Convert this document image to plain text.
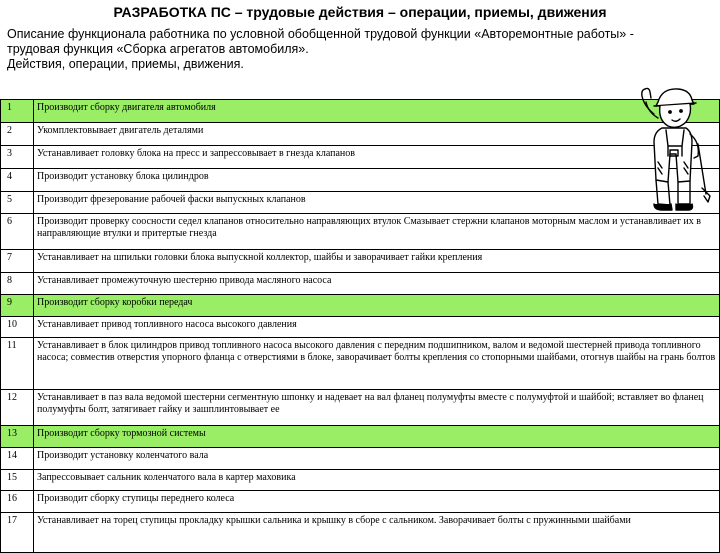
РАЗРАБОТКА ПС – трудовые действия – операции, приемы, движения
Описание функционала работника по условной обобщенной трудовой функции «Авторемонтные работы» -
трудовая функция «Сборка агрегатов автомобиля».
Действия, операции, приемы, движения.
1	Производит сборку двигателя автомобиля
2	Укомплектовывает двигатель деталями
3	Устанавливает головку блока на пресс и запрессовывает в гнезда клапанов
4	Производит установку блока цилиндров
5	Производит фрезерование рабочей фаски выпускных клапанов
6	Производит проверку соосности седел клапанов относительно направляющих втулок Смазывает стержни клапанов моторным маслом и устанавливает их в направляющие втулки и притертые гнезда
7	Устанавливает на шпильки головки блока выпускной коллектор, шайбы и заворачивает гайки крепления
8	Устанавливает промежуточную шестерню привода масляного насоса
9	Производит сборку коробки передач
10	Устанавливает привод топливного насоса высокого давления
11	Устанавливает в блок цилиндров привод топливного насоса высокого давления с передним подшипником, валом и ведомой шестерней привода топливного насоса; совместив отверстия упорного фланца с отверстиями в блоке, заворачивает болты крепления со стопорными шайбами, отогнув шайбы на грань болтов
12	Устанавливает в паз вала ведомой шестерни сегментную шпонку и надевает на вал фланец полумуфты вместе с полумуфтой и шайбой; вставляет во фланец полумуфты болт, затягивает гайку и зашплинтовывает ее
13	Производит сборку тормозной системы
14	Производит установку коленчатого вала
15	Запрессовывает сальник коленчатого вала в картер маховика
16	Производит сборку ступицы переднего колеса
17	Устанавливает на торец ступицы прокладку крышки сальника и крышку в сборе с сальником. Заворачивает болты с пружинными шайбами
